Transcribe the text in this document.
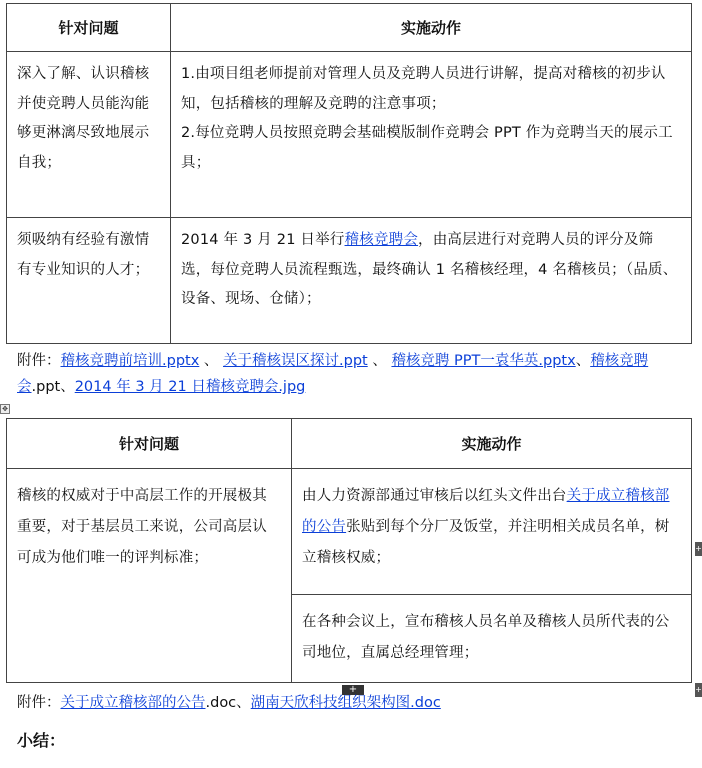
针对问题	实施动作

深入了解、认识稽核并使竞聘人员能沟能够更淋漓尽致地展示自我；	1.由项目组老师提前对管理人员及竞聘人员进行讲解，提高对稽核的初步认知，包括稽核的理解及竞聘的注意事项；
2.每位竞聘人员按照竞聘会基础模版制作竞聘会 PPT 作为竞聘当天的展示工具；

须吸纳有经验有激情有专业知识的人才；	2014 年 3 月 21 日举行稽核竞聘会，由高层进行对竞聘人员的评分及筛选，每位竞聘人员流程甄选，最终确认 1 名稽核经理，4 名稽核员；（品质、设备、现场、仓储）；
附件：稽核竞聘前培训.pptx 、 关于稽核误区探讨.ppt 、 稽核竞聘 PPT一袁华英.pptx、稽核竞聘会.ppt、2014 年 3 月 21 日稽核竞聘会.jpg
✥
针对问题	实施动作

稽核的权威对于中高层工作的开展极其重要，对于基层员工来说，公司高层认可成为他们唯一的评判标准；	由人力资源部通过审核后以红头文件出台关于成立稽核部的公告张贴到每个分厂及饭堂，并注明相关成员名单，树立稽核权威；

	在各种会议上，宣布稽核人员名单及稽核人员所代表的公司地位，直属总经理管理；
+
+
+
附件：关于成立稽核部的公告.doc、湖南天欣科技组织架构图.doc
小结：
